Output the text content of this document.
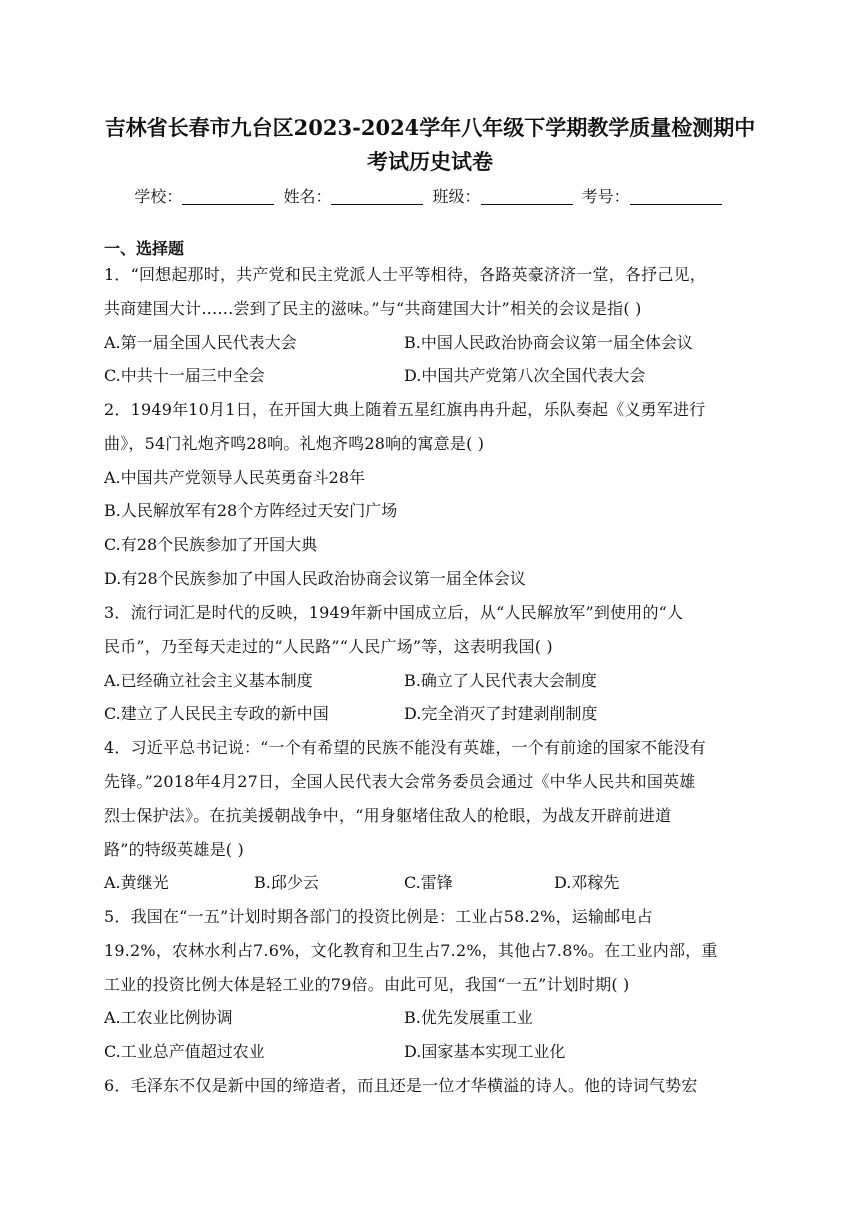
吉林省长春市九台区2023-2024学年八年级下学期教学质量检测期中
考试历史试卷
学校：	姓名：	班级：	考号：
一、选择题
1．“回想起那时，共产党和民主党派人士平等相待，各路英豪济济一堂，各抒己见，
共商建国大计……尝到了民主的滋味。”与“共商建国大计”相关的会议是指( )
A.第一届全国人民代表大会	B.中国人民政治协商会议第一届全体会议
C.中共十一届三中全会	D.中国共产党第八次全国代表大会
2．1949年10月1日，在开国大典上随着五星红旗冉冉升起，乐队奏起《义勇军进行
曲》，54门礼炮齐鸣28响。礼炮齐鸣28响的寓意是( )
A.中国共产党领导人民英勇奋斗28年
B.人民解放军有28个方阵经过天安门广场
C.有28个民族参加了开国大典
D.有28个民族参加了中国人民政治协商会议第一届全体会议
3．流行词汇是时代的反映，1949年新中国成立后，从“人民解放军”到使用的“人
民币”，乃至每天走过的“人民路”“人民广场”等，这表明我国( )
A.已经确立社会主义基本制度	B.确立了人民代表大会制度
C.建立了人民民主专政的新中国	D.完全消灭了封建剥削制度
4．习近平总书记说：“一个有希望的民族不能没有英雄，一个有前途的国家不能没有
先锋。”2018年4月27日，全国人民代表大会常务委员会通过《中华人民共和国英雄
烈士保护法》。在抗美援朝战争中，“用身躯堵住敌人的枪眼，为战友开辟前进道
路”的特级英雄是( )
A.黄继光	B.邱少云	C.雷锋	D.邓稼先
5．我国在“一五”计划时期各部门的投资比例是：工业占58.2%，运输邮电占
19.2%，农林水利占7.6%，文化教育和卫生占7.2%，其他占7.8%。在工业内部，重
工业的投资比例大体是轻工业的79倍。由此可见，我国“一五”计划时期( )
A.工农业比例协调	B.优先发展重工业
C.工业总产值超过农业	D.国家基本实现工业化
6．毛泽东不仅是新中国的缔造者，而且还是一位才华横溢的诗人。他的诗词气势宏
